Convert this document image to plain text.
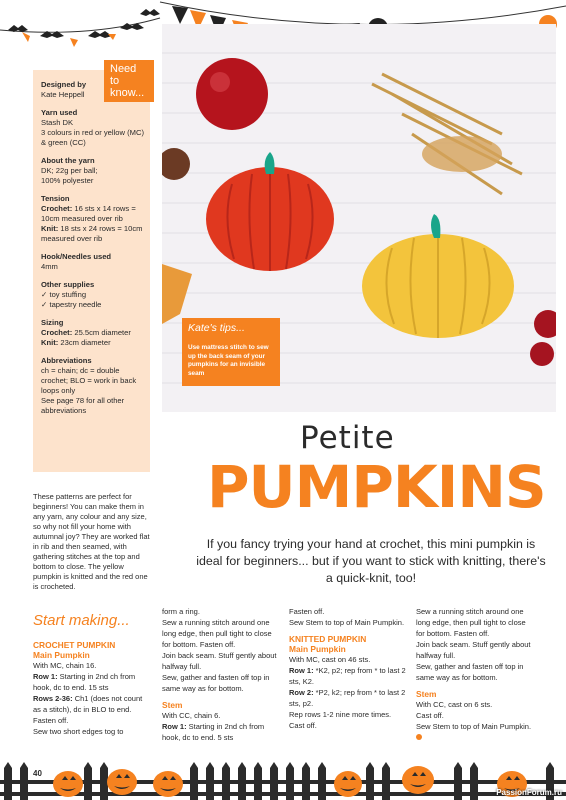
Need to know...
Designed by
Kate Heppell
Yarn used
Stash DK
3 colours in red or yellow (MC) & green (CC)
About the yarn
DK; 22g per ball;
100% polyester
Tension
Crochet: 16 sts x 14 rows = 10cm measured over rib
Knit: 18 sts x 24 rows = 10cm measured over rib
Hook/Needles used
4mm
Other supplies
✓ toy stuffing
✓ tapestry needle
Sizing
Crochet: 25.5cm diameter
Knit: 23cm diameter
Abbreviations
ch = chain; dc = double crochet; BLO = work in back loops only
See page 78 for all other abbreviations
Kate's tips...
Use mattress stitch to sew up the back seam of your pumpkins for an invisible seam
Petite
PUMPKINS
If you fancy trying your hand at crochet, this mini pumpkin is ideal for beginners... but if you want to stick with knitting, there's a quick-knit, too!
These patterns are perfect for beginners! You can make them in any yarn, any colour and any size, so why not fill your home with autumnal joy? They are worked flat in rib and then seamed, with gathering stitches at the top and bottom to close. The yellow pumpkin is knitted and the red one is crocheted.
Start making...
CROCHET PUMPKIN
Main Pumpkin
With MC, chain 16.
Row 1: Starting in 2nd ch from hook, dc to end. 15 sts
Rows 2-36: Ch1 (does not count as a stitch), dc in BLO to end.
Fasten off.
Sew two short edges tog to
form a ring.
Sew a running stitch around one long edge, then pull tight to close for bottom. Fasten off.
Join back seam. Stuff gently about halfway full.
Sew, gather and fasten off top in same way as for bottom.
Stem
With CC, chain 6.
Row 1: Starting in 2nd ch from hook, dc to end. 5 sts
Fasten off.
Sew Stem to top of Main Pumpkin.
KNITTED PUMPKIN
Main Pumpkin
With MC, cast on 46 sts.
Row 1: *K2, p2; rep from * to last 2 sts, K2.
Row 2: *P2, k2; rep from * to last 2 sts, p2.
Rep rows 1-2 nine more times.
Cast off.
Sew a running stitch around one long edge, then pull tight to close for bottom. Fasten off.
Join back seam. Stuff gently about halfway full.
Sew, gather and fasten off top in same way as for bottom.
Stem
With CC, cast on 6 sts.
Cast off.
Sew Stem to top of Main Pumpkin.
40
PassionForum.ru
